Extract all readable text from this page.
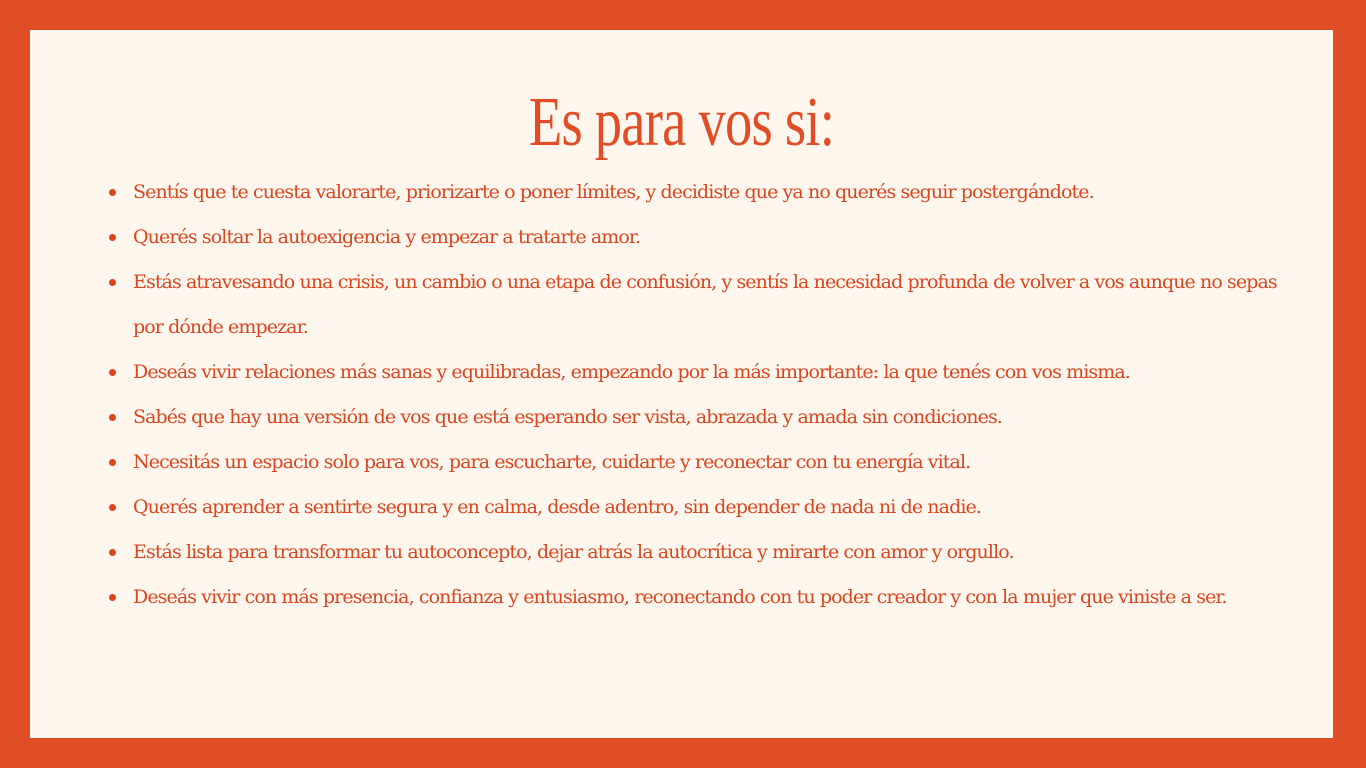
Es para vos si:
Sentís que te cuesta valorarte, priorizarte o poner límites, y decidiste que ya no querés seguir postergándote.
Querés soltar la autoexigencia y empezar a tratarte amor.
Estás atravesando una crisis, un cambio o una etapa de confusión, y sentís la necesidad profunda de volver a vos aunque no sepas por dónde empezar.
Deseás vivir relaciones más sanas y equilibradas, empezando por la más importante: la que tenés con vos misma.
Sabés que hay una versión de vos que está esperando ser vista, abrazada y amada sin condiciones.
Necesitás un espacio solo para vos, para escucharte, cuidarte y reconectar con tu energía vital.
Querés aprender a sentirte segura y en calma, desde adentro, sin depender de nada ni de nadie.
Estás lista para transformar tu autoconcepto, dejar atrás la autocrítica y mirarte con amor y orgullo.
Deseás vivir con más presencia, confianza y entusiasmo, reconectando con tu poder creador y con la mujer que viniste a ser.
